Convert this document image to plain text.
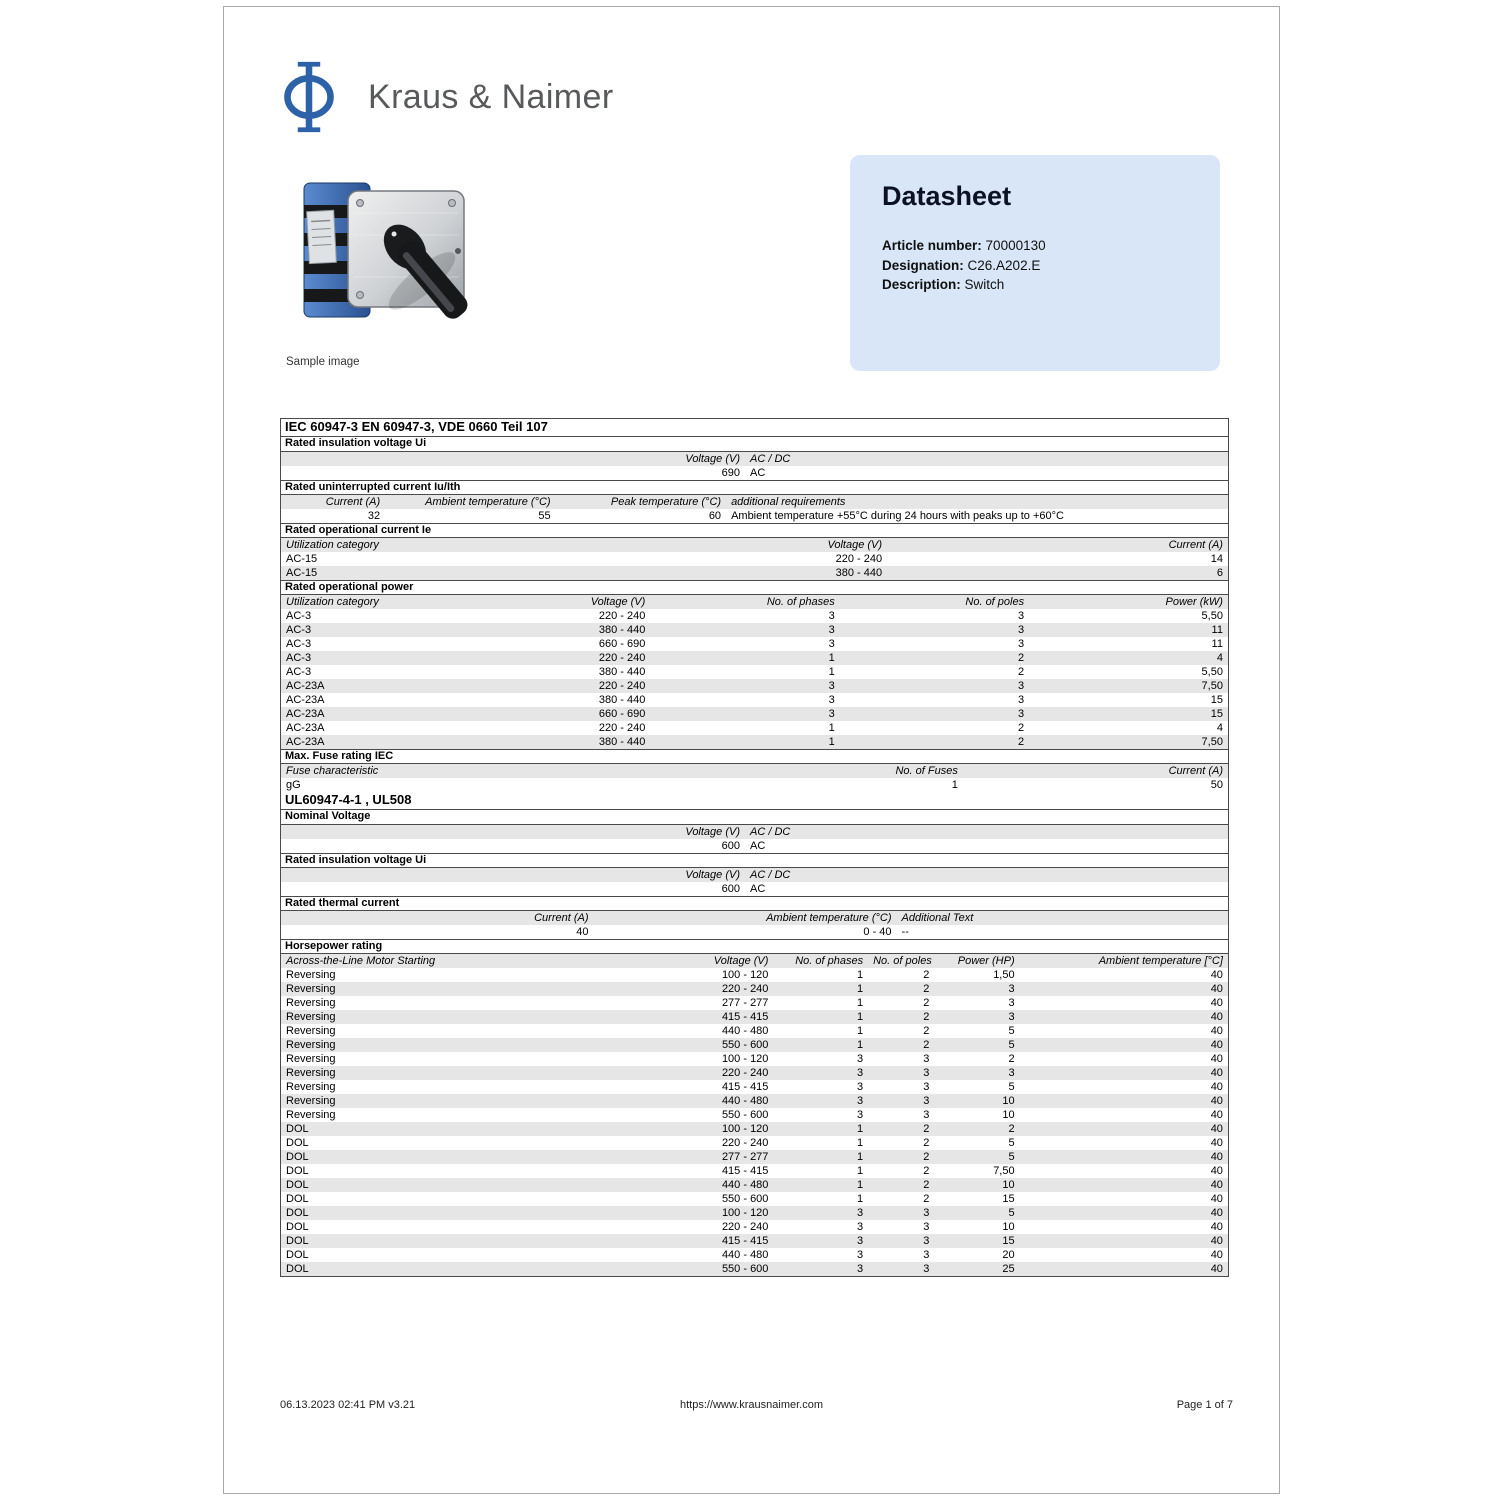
Kraus & Naimer
Sample image
Datasheet
Article number: 70000130
Designation: C26.A202.E
Description: Switch
IEC 60947-3 EN 60947-3, VDE 0660 Teil 107
Rated insulation voltage Ui
Voltage (V) AC / DC
690 AC
Rated uninterrupted current Iu/Ith
Current (A)	Ambient temperature (°C)	Peak temperature (°C) additional requirements
32	55	60 Ambient temperature +55°C during 24 hours with peaks up to +60°C
Rated operational current Ie
Utilization category	Voltage (V)	Current (A)
AC-15	220 - 240	14
AC-15	380 - 440	6
Rated operational power
Utilization category	Voltage (V)	No. of phases	No. of poles	Power (kW)
AC-3	220 - 240	3	3	5,50
AC-3	380 - 440	3	3	11
AC-3	660 - 690	3	3	11
AC-3	220 - 240	1	2	4
AC-3	380 - 440	1	2	5,50
AC-23A	220 - 240	3	3	7,50
AC-23A	380 - 440	3	3	15
AC-23A	660 - 690	3	3	15
AC-23A	220 - 240	1	2	4
AC-23A	380 - 440	1	2	7,50
Max. Fuse rating IEC
Fuse characteristic	No. of Fuses	Current (A)
gG	1	50
UL60947-4-1 , UL508
Nominal Voltage
Voltage (V) AC / DC
600 AC
Rated insulation voltage Ui
Voltage (V) AC / DC
600 AC
Rated thermal current
Current (A)	Ambient temperature (°C) Additional Text
40	0 - 40 --
Horsepower rating
Across-the-Line Motor Starting	Voltage (V)	No. of phases No. of poles	Power (HP)	Ambient temperature [°C]
Reversing	100 - 120	1	2	1,50	40
Reversing	220 - 240	1	2	3	40
Reversing	277 - 277	1	2	3	40
Reversing	415 - 415	1	2	3	40
Reversing	440 - 480	1	2	5	40
Reversing	550 - 600	1	2	5	40
Reversing	100 - 120	3	3	2	40
Reversing	220 - 240	3	3	3	40
Reversing	415 - 415	3	3	5	40
Reversing	440 - 480	3	3	10	40
Reversing	550 - 600	3	3	10	40
DOL	100 - 120	1	2	2	40
DOL	220 - 240	1	2	5	40
DOL	277 - 277	1	2	5	40
DOL	415 - 415	1	2	7,50	40
DOL	440 - 480	1	2	10	40
DOL	550 - 600	1	2	15	40
DOL	100 - 120	3	3	5	40
DOL	220 - 240	3	3	10	40
DOL	415 - 415	3	3	15	40
DOL	440 - 480	3	3	20	40
DOL	550 - 600	3	3	25	40
06.13.2023 02:41 PM v3.21	https://www.krausnaimer.com	Page 1 of 7
